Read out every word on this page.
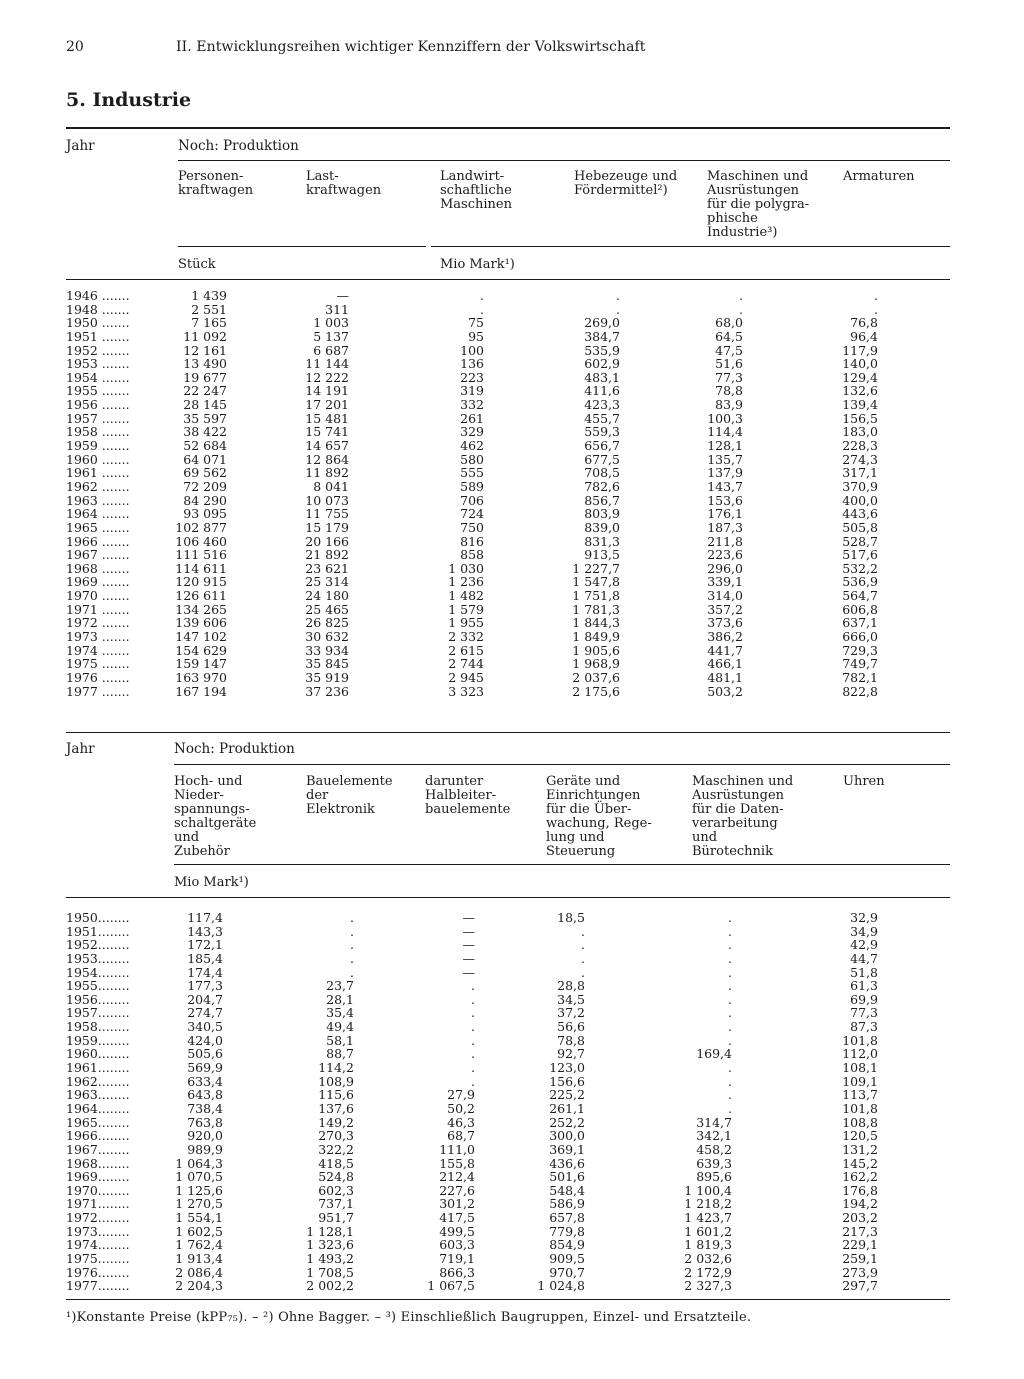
20	II. Entwicklungsreihen wichtiger Kennziffern der Volkswirtschaft
5. Industrie
Jahr	Noch: Produktion
Personen-
kraftwagen
Last-
kraftwagen
Landwirt-
schaftliche
Maschinen
Hebezeuge und
Fördermittel²)
Maschinen und
Ausrüstungen
für die polygra-
phische
Industrie³)
Armaturen
Stück	Mio Mark¹)
1946 .......	1 439	—	.	.	.	.
1948 .......	2 551	311	.	.	.	.
1950 .......	7 165	1 003	75	269,0	68,0	76,8
1951 .......	11 092	5 137	95	384,7	64,5	96,4
1952 .......	12 161	6 687	100	535,9	47,5	117,9
1953 .......	13 490	11 144	136	602,9	51,6	140,0
1954 .......	19 677	12 222	223	483,1	77,3	129,4
1955 .......	22 247	14 191	319	411,6	78,8	132,6
1956 .......	28 145	17 201	332	423,3	83,9	139,4
1957 .......	35 597	15 481	261	455,7	100,3	156,5
1958 .......	38 422	15 741	329	559,3	114,4	183,0
1959 .......	52 684	14 657	462	656,7	128,1	228,3
1960 .......	64 071	12 864	580	677,5	135,7	274,3
1961 .......	69 562	11 892	555	708,5	137,9	317,1
1962 .......	72 209	8 041	589	782,6	143,7	370,9
1963 .......	84 290	10 073	706	856,7	153,6	400,0
1964 .......	93 095	11 755	724	803,9	176,1	443,6
1965 .......	102 877	15 179	750	839,0	187,3	505,8
1966 .......	106 460	20 166	816	831,3	211,8	528,7
1967 .......	111 516	21 892	858	913,5	223,6	517,6
1968 .......	114 611	23 621	1 030	1 227,7	296,0	532,2
1969 .......	120 915	25 314	1 236	1 547,8	339,1	536,9
1970 .......	126 611	24 180	1 482	1 751,8	314,0	564,7
1971 .......	134 265	25 465	1 579	1 781,3	357,2	606,8
1972 .......	139 606	26 825	1 955	1 844,3	373,6	637,1
1973 .......	147 102	30 632	2 332	1 849,9	386,2	666,0
1974 .......	154 629	33 934	2 615	1 905,6	441,7	729,3
1975 .......	159 147	35 845	2 744	1 968,9	466,1	749,7
1976 .......	163 970	35 919	2 945	2 037,6	481,1	782,1
1977 .......	167 194	37 236	3 323	2 175,6	503,2	822,8
Jahr	Noch: Produktion
Hoch- und
Nieder-
spannungs-
schaltgeräte
und
Zubehör
Bauelemente
der
Elektronik
darunter
Halbleiter-
bauelemente
Geräte und
Einrichtungen
für die Über-
wachung, Rege-
lung und
Steuerung
Maschinen und
Ausrüstungen
für die Daten-
verarbeitung
und
Bürotechnik
Uhren
Mio Mark¹)
1950........	117,4	.	—	18,5	.	32,9
1951........	143,3	.	—	.	.	34,9
1952........	172,1	.	—	.	.	42,9
1953........	185,4	.	—	.	.	44,7
1954........	174,4	.	—	.	.	51,8
1955........	177,3	23,7	.	28,8	.	61,3
1956........	204,7	28,1	.	34,5	.	69,9
1957........	274,7	35,4	.	37,2	.	77,3
1958........	340,5	49,4	.	56,6	.	87,3
1959........	424,0	58,1	.	78,8	.	101,8
1960........	505,6	88,7	.	92,7	169,4	112,0
1961........	569,9	114,2	.	123,0	.	108,1
1962........	633,4	108,9	.	156,6	.	109,1
1963........	643,8	115,6	27,9	225,2	.	113,7
1964........	738,4	137,6	50,2	261,1	.	101,8
1965........	763,8	149,2	46,3	252,2	314,7	108,8
1966........	920,0	270,3	68,7	300,0	342,1	120,5
1967........	989,9	322,2	111,0	369,1	458,2	131,2
1968........	1 064,3	418,5	155,8	436,6	639,3	145,2
1969........	1 070,5	524,8	212,4	501,6	895,6	162,2
1970........	1 125,6	602,3	227,6	548,4	1 100,4	176,8
1971........	1 270,5	737,1	301,2	586,9	1 218,2	194,2
1972........	1 554,1	951,7	417,5	657,8	1 423,7	203,2
1973........	1 602,5	1 128,1	499,5	779,8	1 601,2	217,3
1974........	1 762,4	1 323,6	603,3	854,9	1 819,3	229,1
1975........	1 913,4	1 493,2	719,1	909,5	2 032,6	259,1
1976........	2 086,4	1 708,5	866,3	970,7	2 172,9	273,9
1977........	2 204,3	2 002,2	1 067,5	1 024,8	2 327,3	297,7
¹)Konstante Preise (kPP₇₅). – ²) Ohne Bagger. – ³) Einschließlich Baugruppen, Einzel- und Ersatzteile.
